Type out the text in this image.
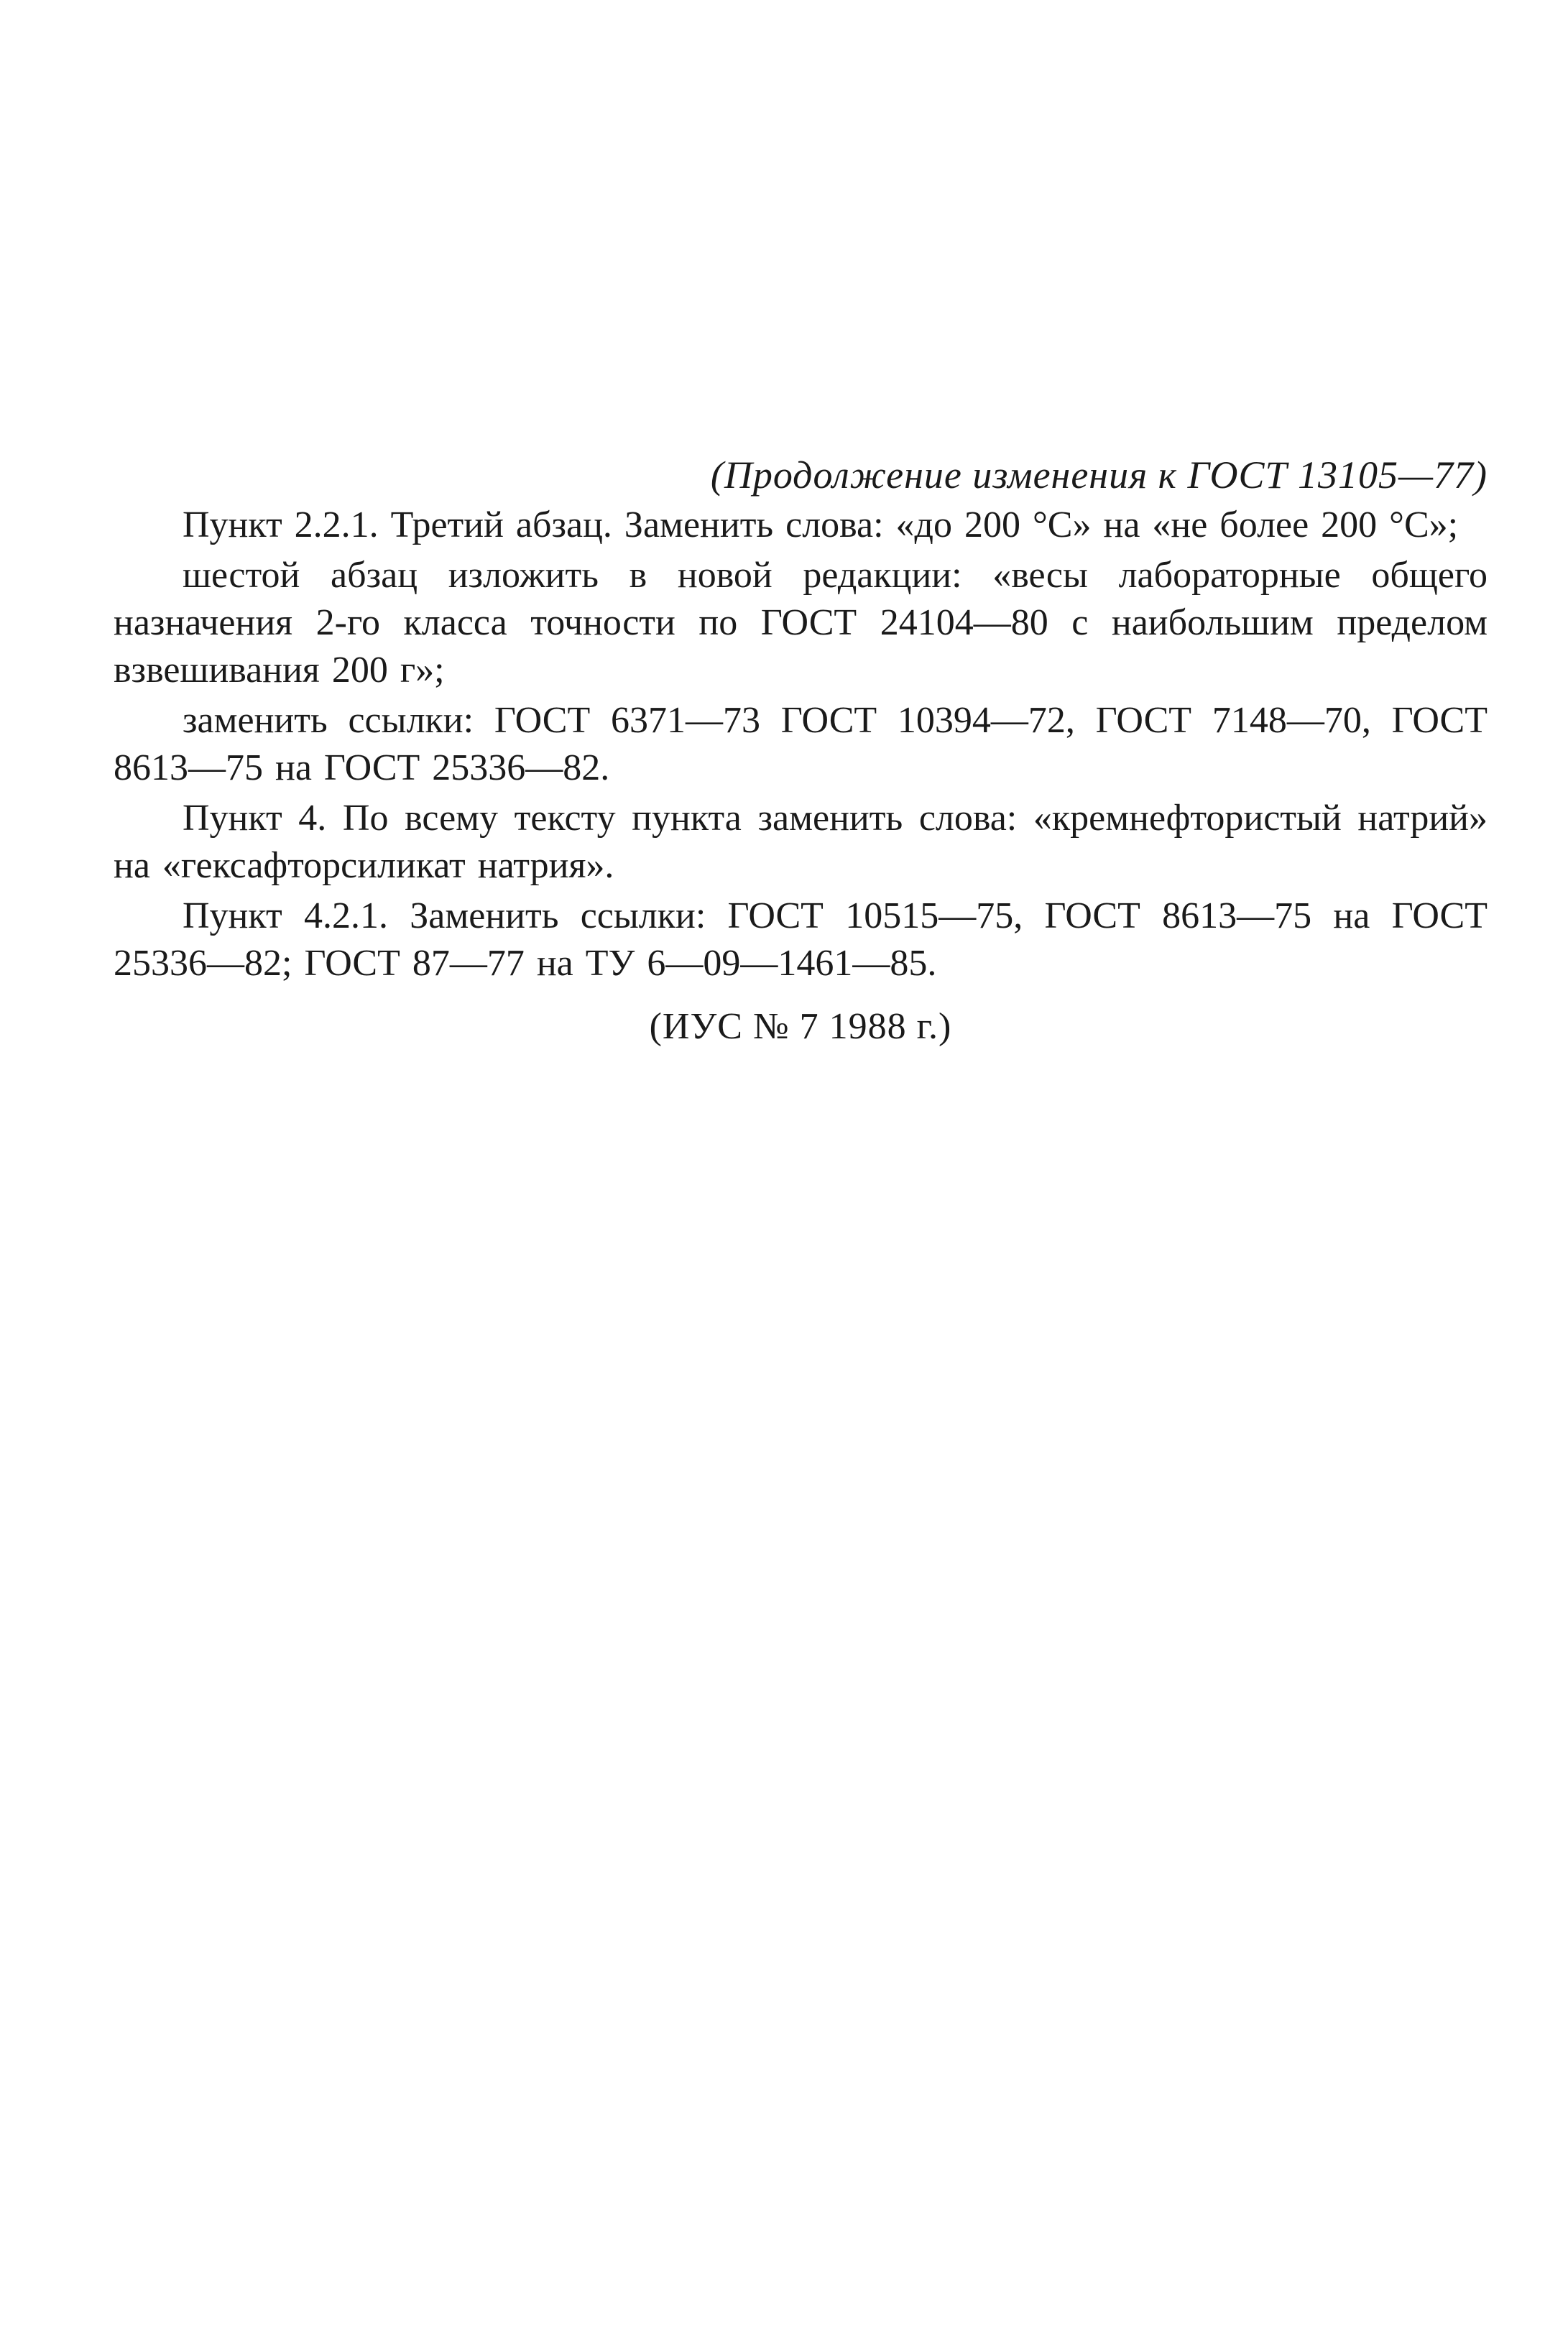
(Продолжение изменения к ГОСТ 13105—77)

Пункт 2.2.1. Третий абзац. Заменить слова: «до 200 °С» на «не более 200 °С»;

шестой абзац изложить в новой редакции: «весы лабораторные общего назначения 2-го класса точности по ГОСТ 24104—80 с наибольшим пределом взвешивания 200 г»;

заменить ссылки: ГОСТ 6371—73 ГОСТ 10394—72, ГОСТ 7148—70, ГОСТ 8613—75 на ГОСТ 25336—82.

Пункт 4. По всему тексту пункта заменить слова: «кремнефтористый натрий» на «гексафторсиликат натрия».

Пункт 4.2.1. Заменить ссылки: ГОСТ 10515—75, ГОСТ 8613—75 на ГОСТ 25336—82; ГОСТ 87—77 на ТУ 6—09—1461—85.

(ИУС № 7 1988 г.)
